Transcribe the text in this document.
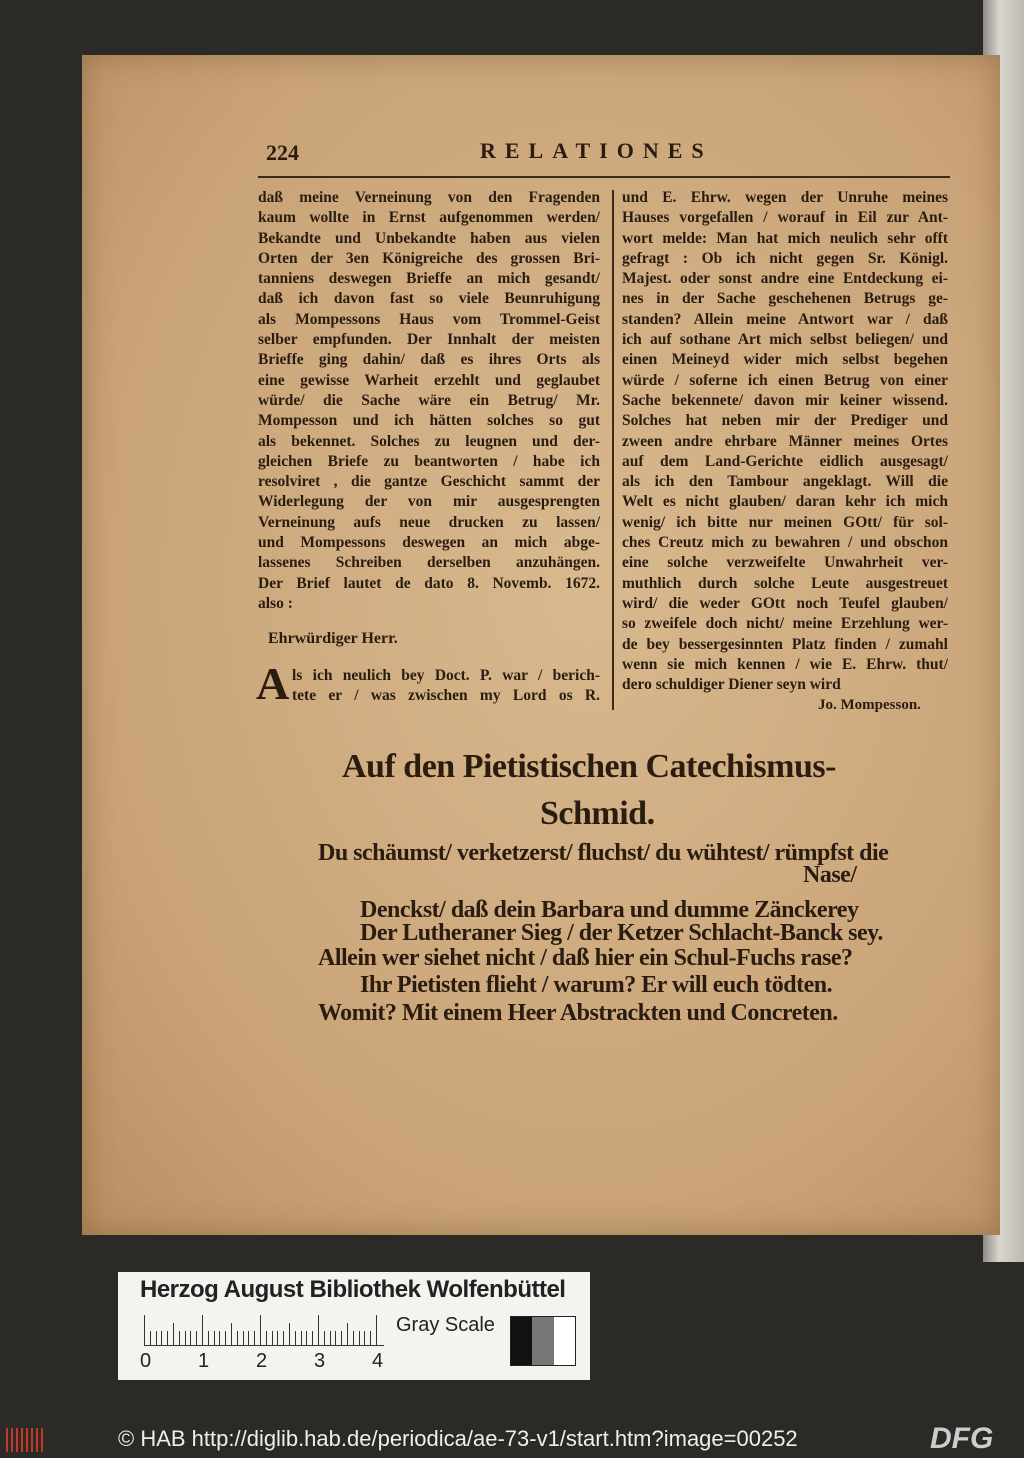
224	RELATIONES
daß meine Verneinung von den Fragenden
kaum wollte in Ernst aufgenommen werden/
Bekandte und Unbekandte haben aus vielen
Orten der 3en Königreiche des grossen Bri-
tanniens deswegen Brieffe an mich gesandt/
daß ich davon fast so viele Beunruhigung
als Mompessons Haus vom Trommel-Geist
selber empfunden. Der Innhalt der meisten
Brieffe ging dahin/ daß es ihres Orts als
eine gewisse Warheit erzehlt und geglaubet
würde/ die Sache wäre ein Betrug/ Mr.
Mompesson und ich hätten solches so gut
als bekennet. Solches zu leugnen und der-
gleichen Briefe zu beantworten / habe ich
resolviret , die gantze Geschicht sammt der
Widerlegung der von mir ausgesprengten
Verneinung aufs neue drucken zu lassen/
und Mompessons deswegen an mich abge-
lassenes Schreiben derselben anzuhängen.
Der Brief lautet de dato 8. Novemb. 1672.
also :
Ehrwürdiger Herr.
A ls ich neulich bey Doct. P. war / berich-
tete er / was zwischen my Lord os R.
und E. Ehrw. wegen der Unruhe meines
Hauses vorgefallen / worauf in Eil zur Ant-
wort melde: Man hat mich neulich sehr offt
gefragt : Ob ich nicht gegen Sr. Königl.
Majest. oder sonst andre eine Entdeckung ei-
nes in der Sache geschehenen Betrugs ge-
standen? Allein meine Antwort war / daß
ich auf sothane Art mich selbst beliegen/ und
einen Meineyd wider mich selbst begehen
würde / soferne ich einen Betrug von einer
Sache bekennete/ davon mir keiner wissend.
Solches hat neben mir der Prediger und
zween andre ehrbare Männer meines Ortes
auf dem Land-Gerichte eidlich ausgesagt/
als ich den Tambour angeklagt. Will die
Welt es nicht glauben/ daran kehr ich mich
wenig/ ich bitte nur meinen GOtt/ für sol-
ches Creutz mich zu bewahren / und obschon
eine solche verzweifelte Unwahrheit ver-
muthlich durch solche Leute ausgestreuet
wird/ die weder GOtt noch Teufel glauben/
so zweifele doch nicht/ meine Erzehlung wer-
de bey bessergesinnten Platz finden / zumahl
wenn sie mich kennen / wie E. Ehrw. thut/
dero schuldiger Diener seyn wird
Jo. Mompesson.
Auf den Pietistischen Catechismus-
Schmid.
Du schäumst/ verketzerst/ fluchst/ du wühtest/ rümpfst die
Nase/
Denckst/ daß dein Barbara und dumme Zänckerey
Der Lutheraner Sieg / der Ketzer Schlacht-Banck sey.
Allein wer siehet nicht / daß hier ein Schul-Fuchs rase?
Ihr Pietisten flieht / warum? Er will euch tödten.
Womit? Mit einem Heer Abstrackten und Concreten.
Herzog August Bibliothek Wolfenbüttel
0 1 2 3 4
Gray Scale
© HAB http://diglib.hab.de/periodica/ae-73-v1/start.htm?image=00252	DFG
